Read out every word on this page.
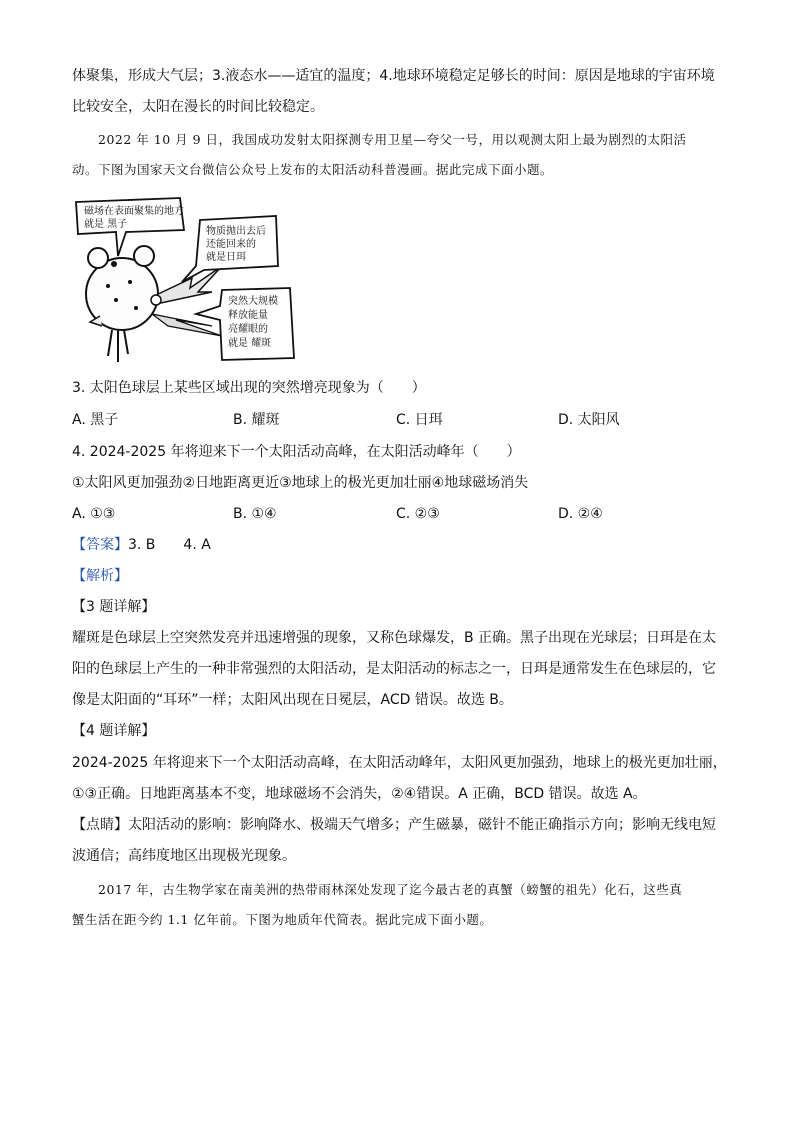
体聚集，形成大气层；3.液态水——适宜的温度；4.地球环境稳定足够长的时间：原因是地球的宇宙环境
比较安全，太阳在漫长的时间比较稳定。
2022 年 10 月 9 日，我国成功发射太阳探测专用卫星—夸父一号，用以观测太阳上最为剧烈的太阳活
动。下图为国家天文台微信公众号上发布的太阳活动科普漫画。据此完成下面小题。
磁场在表面聚集的地方
就是 黑子
物质抛出去后
还能回来的
就是日珥
突然大规模
释放能量
亮耀眼的
就是 耀斑
3. 太阳色球层上某些区域出现的突然增亮现象为（　　）
A. 黑子	B. 耀斑	C. 日珥	D. 太阳风
4. 2024-2025 年将迎来下一个太阳活动高峰，在太阳活动峰年（　　）
①太阳风更加强劲②日地距离更近③地球上的极光更加壮丽④地球磁场消失
A. ①③	B. ①④	C. ②③	D. ②④
【答案】3. B　　4. A
【解析】
【3 题详解】
耀斑是色球层上空突然发亮并迅速增强的现象，又称色球爆发，B 正确。黑子出现在光球层；日珥是在太
阳的色球层上产生的一种非常强烈的太阳活动，是太阳活动的标志之一，日珥是通常发生在色球层的，它
像是太阳面的“耳环”一样；太阳风出现在日冕层，ACD 错误。故选 B。
【4 题详解】
2024-2025 年将迎来下一个太阳活动高峰，在太阳活动峰年，太阳风更加强劲，地球上的极光更加壮丽，
①③正确。日地距离基本不变，地球磁场不会消失，②④错误。A 正确，BCD 错误。故选 A。
【点睛】太阳活动的影响：影响降水、极端天气增多；产生磁暴，磁针不能正确指示方向；影响无线电短
波通信；高纬度地区出现极光现象。
2017 年，古生物学家在南美洲的热带雨林深处发现了迄今最古老的真蟹（螃蟹的祖先）化石，这些真
蟹生活在距今约 1.1 亿年前。下图为地质年代简表。据此完成下面小题。
